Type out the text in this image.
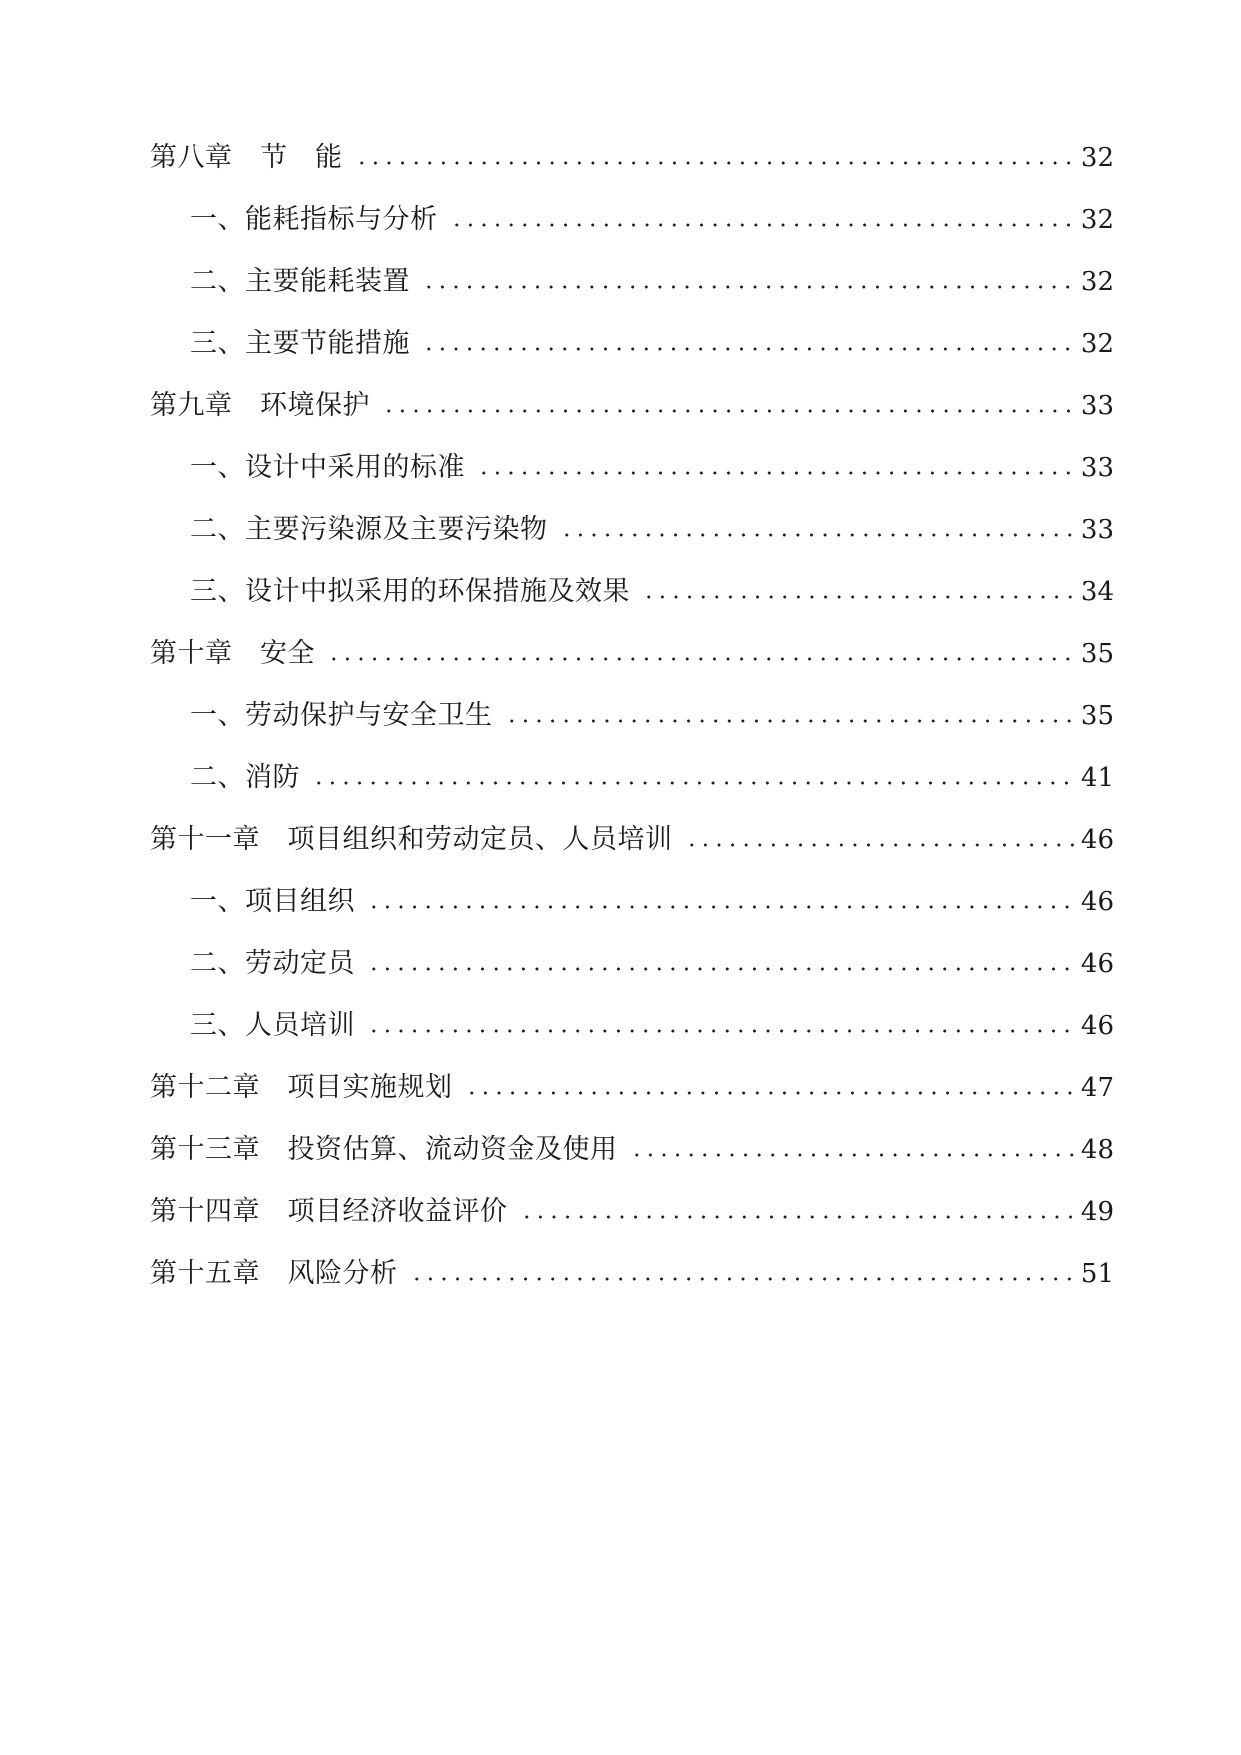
第八章　节　能	32
一、能耗指标与分析	32
二、主要能耗装置	32
三、主要节能措施	32
第九章　环境保护	33
一、设计中采用的标准	33
二、主要污染源及主要污染物	33
三、设计中拟采用的环保措施及效果	34
第十章　安全	35
一、劳动保护与安全卫生	35
二、消防	41
第十一章　项目组织和劳动定员、人员培训	46
一、项目组织	46
二、劳动定员	46
三、人员培训	46
第十二章　项目实施规划	47
第十三章　投资估算、流动资金及使用	48
第十四章　项目经济收益评价	49
第十五章　风险分析	51
